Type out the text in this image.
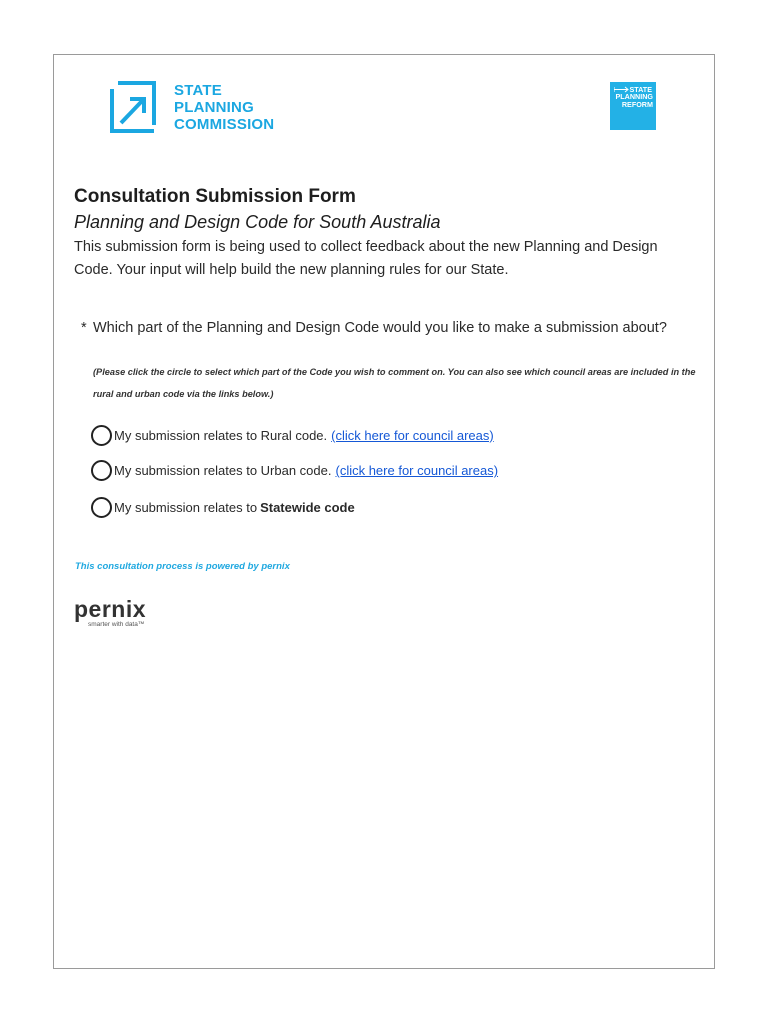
STATE
PLANNING
COMMISSION
STATE
PLANNING
REFORM
Consultation Submission Form
Planning and Design Code for South Australia
This submission form is being used to collect feedback about the new Planning and Design Code. Your input will help build the new planning rules for our State.
* Which part of the Planning and Design Code would you like to make a submission about?
(Please click the circle to select which part of the Code you wish to comment on. You can also see which council areas are included in the rural and urban code via the links below.)
My submission relates to Rural code. (click here for council areas)
My submission relates to Urban code. (click here for council areas)
My submission relates to Statewide code
This consultation process is powered by pernix
pernix
smarter with data™
